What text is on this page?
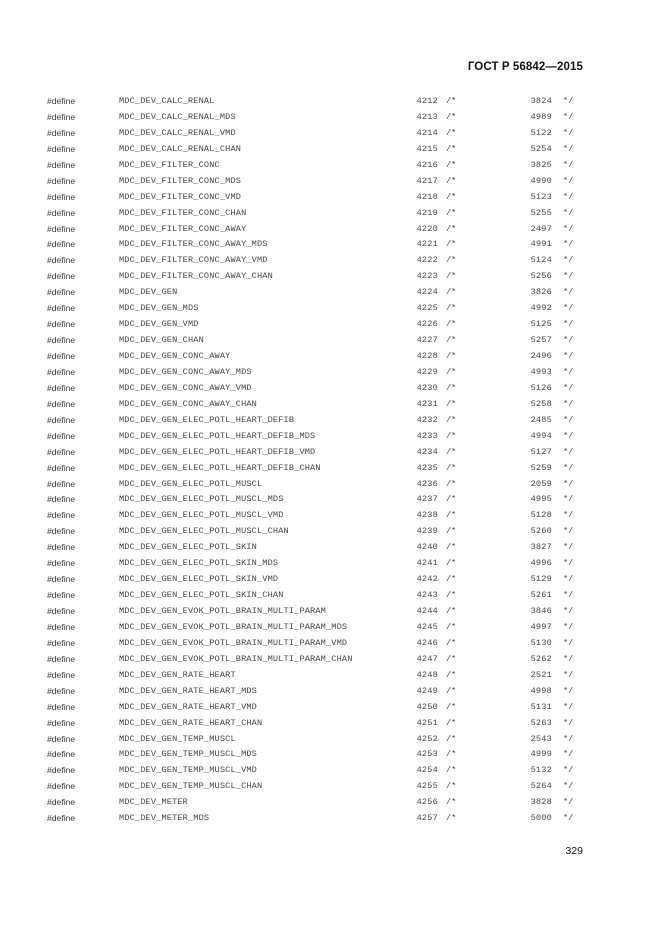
ГОСТ Р 56842—2015
#define	MDC_DEV_CALC_RENAL	4212 /*	3824 */
#define	MDC_DEV_CALC_RENAL_MDS	4213 /*	4989 */
#define	MDC_DEV_CALC_RENAL_VMD	4214 /*	5122 */
#define	MDC_DEV_CALC_RENAL_CHAN	4215 /*	5254 */
#define	MDC_DEV_FILTER_CONC	4216 /*	3825 */
#define	MDC_DEV_FILTER_CONC_MDS	4217 /*	4990 */
#define	MDC_DEV_FILTER_CONC_VMD	4218 /*	5123 */
#define	MDC_DEV_FILTER_CONC_CHAN	4219 /*	5255 */
#define	MDC_DEV_FILTER_CONC_AWAY	4220 /*	2497 */
#define	MDC_DEV_FILTER_CONC_AWAY_MDS	4221 /*	4991 */
#define	MDC_DEV_FILTER_CONC_AWAY_VMD	4222 /*	5124 */
#define	MDC_DEV_FILTER_CONC_AWAY_CHAN	4223 /*	5256 */
#define	MDC_DEV_GEN	4224 /*	3826 */
#define	MDC_DEV_GEN_MDS	4225 /*	4992 */
#define	MDC_DEV_GEN_VMD	4226 /*	5125 */
#define	MDC_DEV_GEN_CHAN	4227 /*	5257 */
#define	MDC_DEV_GEN_CONC_AWAY	4228 /*	2496 */
#define	MDC_DEV_GEN_CONC_AWAY_MDS	4229 /*	4993 */
#define	MDC_DEV_GEN_CONC_AWAY_VMD	4230 /*	5126 */
#define	MDC_DEV_GEN_CONC_AWAY_CHAN	4231 /*	5258 */
#define	MDC_DEV_GEN_ELEC_POTL_HEART_DEFIB	4232 /*	2485 */
#define	MDC_DEV_GEN_ELEC_POTL_HEART_DEFIB_MDS	4233 /*	4994 */
#define	MDC_DEV_GEN_ELEC_POTL_HEART_DEFIB_VMD	4234 /*	5127 */
#define	MDC_DEV_GEN_ELEC_POTL_HEART_DEFIB_CHAN	4235 /*	5259 */
#define	MDC_DEV_GEN_ELEC_POTL_MUSCL	4236 /*	2059 */
#define	MDC_DEV_GEN_ELEC_POTL_MUSCL_MDS	4237 /*	4995 */
#define	MDC_DEV_GEN_ELEC_POTL_MUSCL_VMD	4238 /*	5128 */
#define	MDC_DEV_GEN_ELEC_POTL_MUSCL_CHAN	4239 /*	5260 */
#define	MDC_DEV_GEN_ELEC_POTL_SKIN	4240 /*	3827 */
#define	MDC_DEV_GEN_ELEC_POTL_SKIN_MDS	4241 /*	4996 */
#define	MDC_DEV_GEN_ELEC_POTL_SKIN_VMD	4242 /*	5129 */
#define	MDC_DEV_GEN_ELEC_POTL_SKIN_CHAN	4243 /*	5261 */
#define	MDC_DEV_GEN_EVOK_POTL_BRAIN_MULTI_PARAM	4244 /*	3846 */
#define	MDC_DEV_GEN_EVOK_POTL_BRAIN_MULTI_PARAM_MDS	4245 /*	4997 */
#define	MDC_DEV_GEN_EVOK_POTL_BRAIN_MULTI_PARAM_VMD	4246 /*	5130 */
#define	MDC_DEV_GEN_EVOK_POTL_BRAIN_MULTI_PARAM_CHAN	4247 /*	5262 */
#define	MDC_DEV_GEN_RATE_HEART	4248 /*	2521 */
#define	MDC_DEV_GEN_RATE_HEART_MDS	4249 /*	4998 */
#define	MDC_DEV_GEN_RATE_HEART_VMD	4250 /*	5131 */
#define	MDC_DEV_GEN_RATE_HEART_CHAN	4251 /*	5263 */
#define	MDC_DEV_GEN_TEMP_MUSCL	4252 /*	2543 */
#define	MDC_DEV_GEN_TEMP_MUSCL_MDS	4253 /*	4999 */
#define	MDC_DEV_GEN_TEMP_MUSCL_VMD	4254 /*	5132 */
#define	MDC_DEV_GEN_TEMP_MUSCL_CHAN	4255 /*	5264 */
#define	MDC_DEV_METER	4256 /*	3828 */
#define	MDC_DEV_METER_MDS	4257 /*	5000 */
329
